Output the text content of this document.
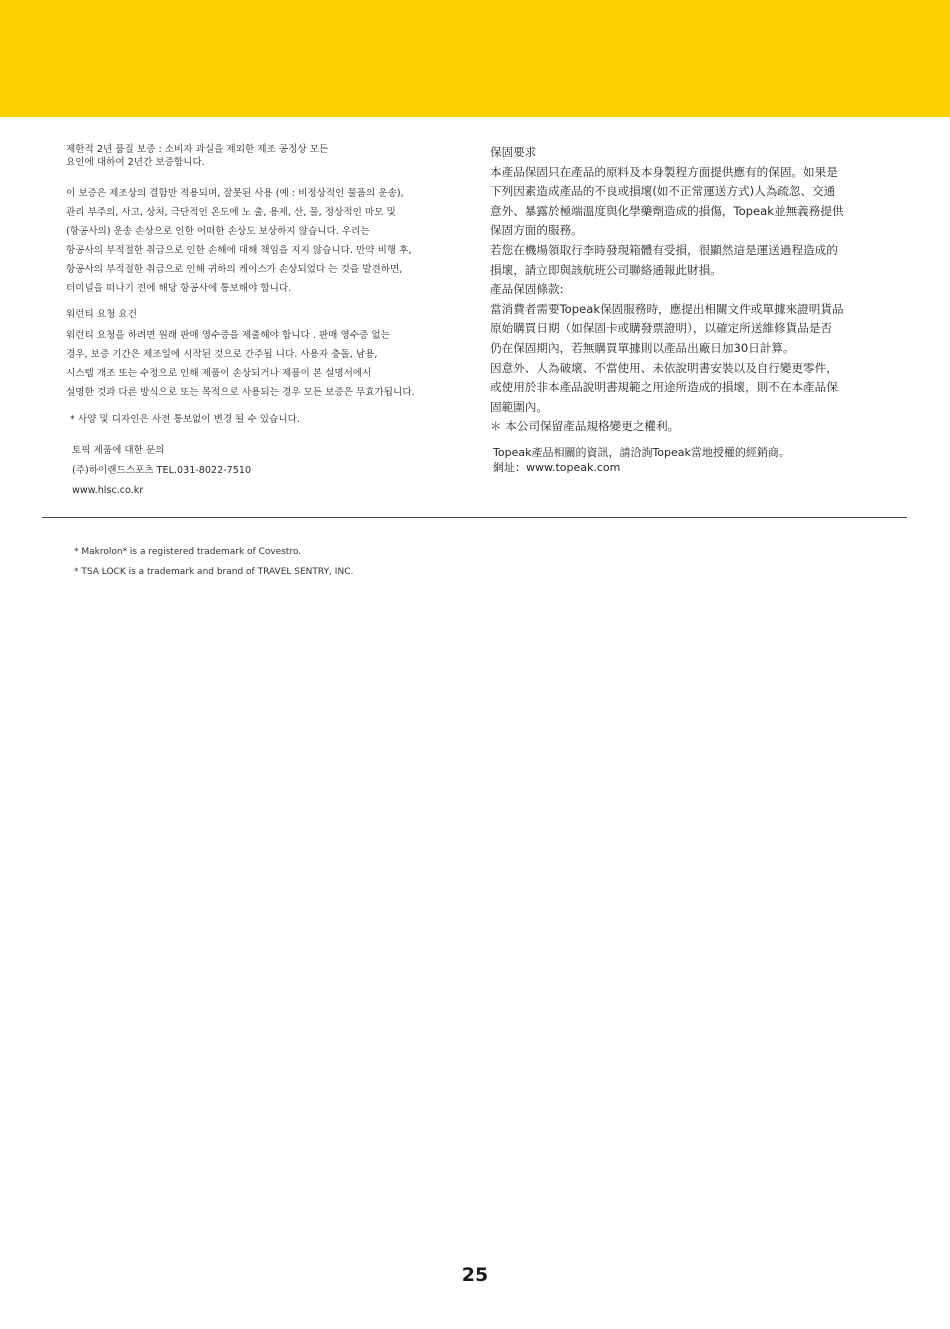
제한적 2년 품질 보증 : 소비자 과실을 제외한 제조 공정상 모든
요인에 대하여 2년간 보증합니다.
이 보증은 제조상의 결함만 적용되며, 잘못된 사용 (예 : 비정상적인 물품의 운송),
관리 부주의, 사고, 상처, 극단적인 온도에 노 출, 용제, 산, 물, 정상적인 마모 및
(항공사의) 운송 손상으로 인한 어떠한 손상도 보상하지 않습니다. 우리는
항공사의 부적절한 취급으로 인한 손해에 대해 책임을 지지 않습니다. 만약 비행 후,
항공사의 부적절한 취급으로 인해 귀하의 케이스가 손상되었다 는 것을 발견하면,
터미널을 떠나기 전에 해당 항공사에 통보해야 합니다.
워런티 요청 요건
워런티 요청을 하려면 원래 판매 영수증을 제출해야 합니다 . 판매 영수증 없는
경우, 보증 기간은 제조일에 시작된 것으로 간주됩 니다. 사용자 충돌, 남용,
시스템 개조 또는 수정으로 인해 제품이 손상되거나 제품이 본 설명서에서
설명한 것과 다른 방식으로 또는 목적으로 사용되는 경우 모든 보증은 무효가됩니다.
* 사양 및 디자인은 사전 통보없이 변경 될 수 있습니다.
토픽 제품에 대한 문의
(주)하이랜드스포츠 TEL.031-8022-7510
www.hlsc.co.kr
保固要求
本產品保固只在產品的原料及本身製程方面提供應有的保固。如果是
下列因素造成產品的不良或損壞(如不正常運送方式)人為疏忽、交通
意外、暴露於極端溫度與化學藥劑造成的損傷，Topeak並無義務提供
保固方面的服務。
若您在機場領取行李時發現箱體有受損，很顯然這是運送過程造成的
損壞，請立即與該航班公司聯絡通報此財損。
產品保固條款:
當消費者需要Topeak保固服務時，應提出相關文件或單據來證明貨品
原始購買日期（如保固卡或購發票證明），以確定所送維修貨品是否
仍在保固期內，若無購買單據則以產品出廠日加30日計算。
因意外、人為破壞、不當使用、未依說明書安裝以及自行變更零件，
或使用於非本產品說明書規範之用途所造成的損壞，則不在本產品保
固範圍內。
＊ 本公司保留產品規格變更之權利。
Topeak產品相關的資訊，請洽詢Topeak當地授權的經銷商。
網址：www.topeak.com
* Makrolon* is a registered trademark of Covestro.
* TSA LOCK is a trademark and brand of TRAVEL SENTRY, INC.
25
